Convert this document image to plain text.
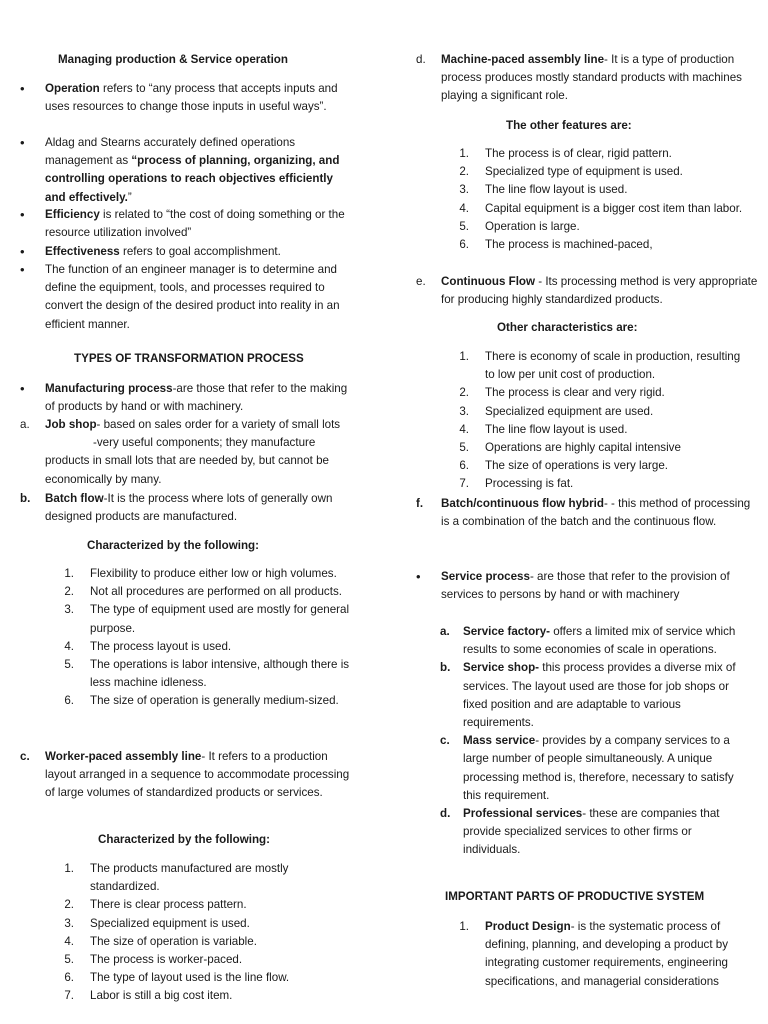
Managing production & Service operation
• Operation refers to “any process that accepts inputs and uses resources to change those inputs in useful ways”.
• Aldag and Stearns accurately defined operations management as “process of planning, organizing, and controlling operations to reach objectives efficiently and effectively.”
• Efficiency is related to “the cost of doing something or the resource utilization involved”
• Effectiveness refers to goal accomplishment.
• The function of an engineer manager is to determine and define the equipment, tools, and processes required to convert the design of the desired product into reality in an efficient manner.
TYPES OF TRANSFORMATION PROCESS
• Manufacturing process-are those that refer to the making of products by hand or with machinery.
a. Job shop- based on sales order for a variety of small lots
-very useful components; they manufacture products in small lots that are needed by, but cannot be economically by many.
b. Batch flow-It is the process where lots of generally own designed products are manufactured.
Characterized by the following:
1. Flexibility to produce either low or high volumes.
2. Not all procedures are performed on all products.
3. The type of equipment used are mostly for general purpose.
4. The process layout is used.
5. The operations is labor intensive, although there is less machine idleness.
6. The size of operation is generally medium-sized.
c. Worker-paced assembly line- It refers to a production layout arranged in a sequence to accommodate processing of large volumes of standardized products or services.
Characterized by the following:
1. The products manufactured are mostly standardized.
2. There is clear process pattern.
3. Specialized equipment is used.
4. The size of operation is variable.
5. The process is worker-paced.
6. The type of layout used is the line flow.
7. Labor is still a big cost item.
d. Machine-paced assembly line- It is a type of production process produces mostly standard products with machines playing a significant role.
The other features are:
1. The process is of clear, rigid pattern.
2. Specialized type of equipment is used.
3. The line flow layout is used.
4. Capital equipment is a bigger cost item than labor.
5. Operation is large.
6. The process is machined-paced,
e. Continuous Flow - Its processing method is very appropriate for producing highly standardized products.
Other characteristics are:
1. There is economy of scale in production, resulting to low per unit cost of production.
2. The process is clear and very rigid.
3. Specialized equipment are used.
4. The line flow layout is used.
5. Operations are highly capital intensive
6. The size of operations is very large.
7. Processing is fat.
f. Batch/continuous flow hybrid- - this method of processing is a combination of the batch and the continuous flow.
• Service process- are those that refer to the provision of services to persons by hand or with machinery
a. Service factory- offers a limited mix of service which results to some economies of scale in operations.
b. Service shop- this process provides a diverse mix of services. The layout used are those for job shops or fixed position and are adaptable to various requirements.
c. Mass service- provides by a company services to a large number of people simultaneously. A unique processing method is, therefore, necessary to satisfy this requirement.
d. Professional services- these are companies that provide specialized services to other firms or individuals.
IMPORTANT PARTS OF PRODUCTIVE SYSTEM
1. Product Design- is the systematic process of defining, planning, and developing a product by integrating customer requirements, engineering specifications, and managerial considerations
